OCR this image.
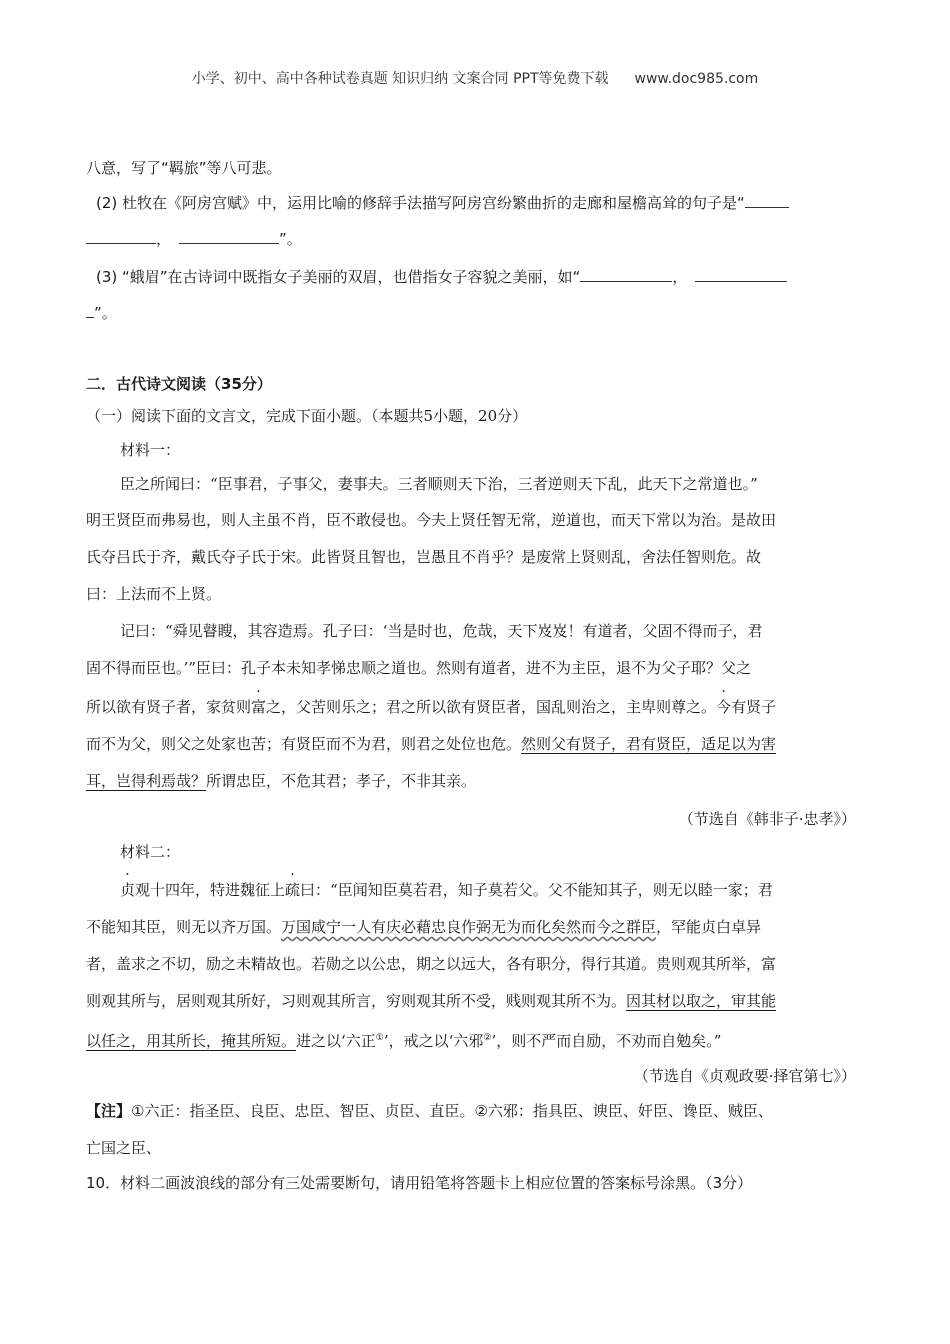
小学、初中、高中各种试卷真题 知识归纳 文案合同 PPT等免费下载 www.doc985.com
八意，写了“羁旅”等八可悲。
(2) 杜牧在《阿房宫赋》中，运用比喻的修辞手法描写阿房宫纷繁曲折的走廊和屋檐高耸的句子是“
，	”。
(3) “蛾眉”在古诗词中既指女子美丽的双眉，也借指女子容貌之美丽，如“	，
”。
二．古代诗文阅读（35分）
（一）阅读下面的文言文，完成下面小题。（本题共5小题，20分）
材料一：
臣之所闻曰：“臣事君，子事父，妻事夫。三者顺则天下治，三者逆则天下乱，此天下之常道也。”
明王贤臣而弗易也，则人主虽不肖，臣不敢侵也。今夫上贤任智无常，逆道也，而天下常以为治。是故田
氏夺吕氏于齐，戴氏夺子氏于宋。此皆贤且智也，岂愚且不肖乎？是废常上贤则乱，舍法任智则危。故
曰：上法而不上贤。
记曰：“舜见瞽瞍，其容造焉。孔子曰：‘当是时也，危哉，天下岌岌！有道者，父固不得而子，君
固不得而臣也。’”臣曰：孔子本未知孝悌忠顺之道也。然则有道者，进不为主臣，退不为父子耶？父之
所以欲有贤子者，家贫则富之，父苦则乐之；君之所以欲有贤臣者，国乱则治之，主卑则尊之。今有贤子
而不为父，则父之处家也苦；有贤臣而不为君，则君之处位也危。然则父有贤子，君有贤臣，适足以为害
耳，岂得利焉哉？所谓忠臣，不危其君；孝子，不非其亲。
（节选自《韩非子·忠孝》）
材料二：
贞观十四年，特进魏征上疏曰：“臣闻知臣莫若君，知子莫若父。父不能知其子，则无以睦一家；君
不能知其臣，则无以齐万国。万国咸宁一人有庆必藉忠良作弼无为而化矣然而今之群臣，罕能贞白卓异
者，盖求之不切，励之未精故也。若勋之以公忠，期之以远大，各有职分，得行其道。贵则观其所举，富
则观其所与，居则观其所好，习则观其所言，穷则观其所不受，贱则观其所不为。因其材以取之，审其能
以任之，用其所长，掩其所短。进之以‘六正①’，戒之以‘六邪②’，则不严而自励，不劝而自勉矣。”
（节选自《贞观政要·择官第七》）
【注】①六正：指圣臣、良臣、忠臣、智臣、贞臣、直臣。②六邪：指具臣、谀臣、奸臣、谗臣、贼臣、
亡国之臣、
10．材料二画波浪线的部分有三处需要断句，请用铅笔将答题卡上相应位置的答案标号涂黑。（3分）
